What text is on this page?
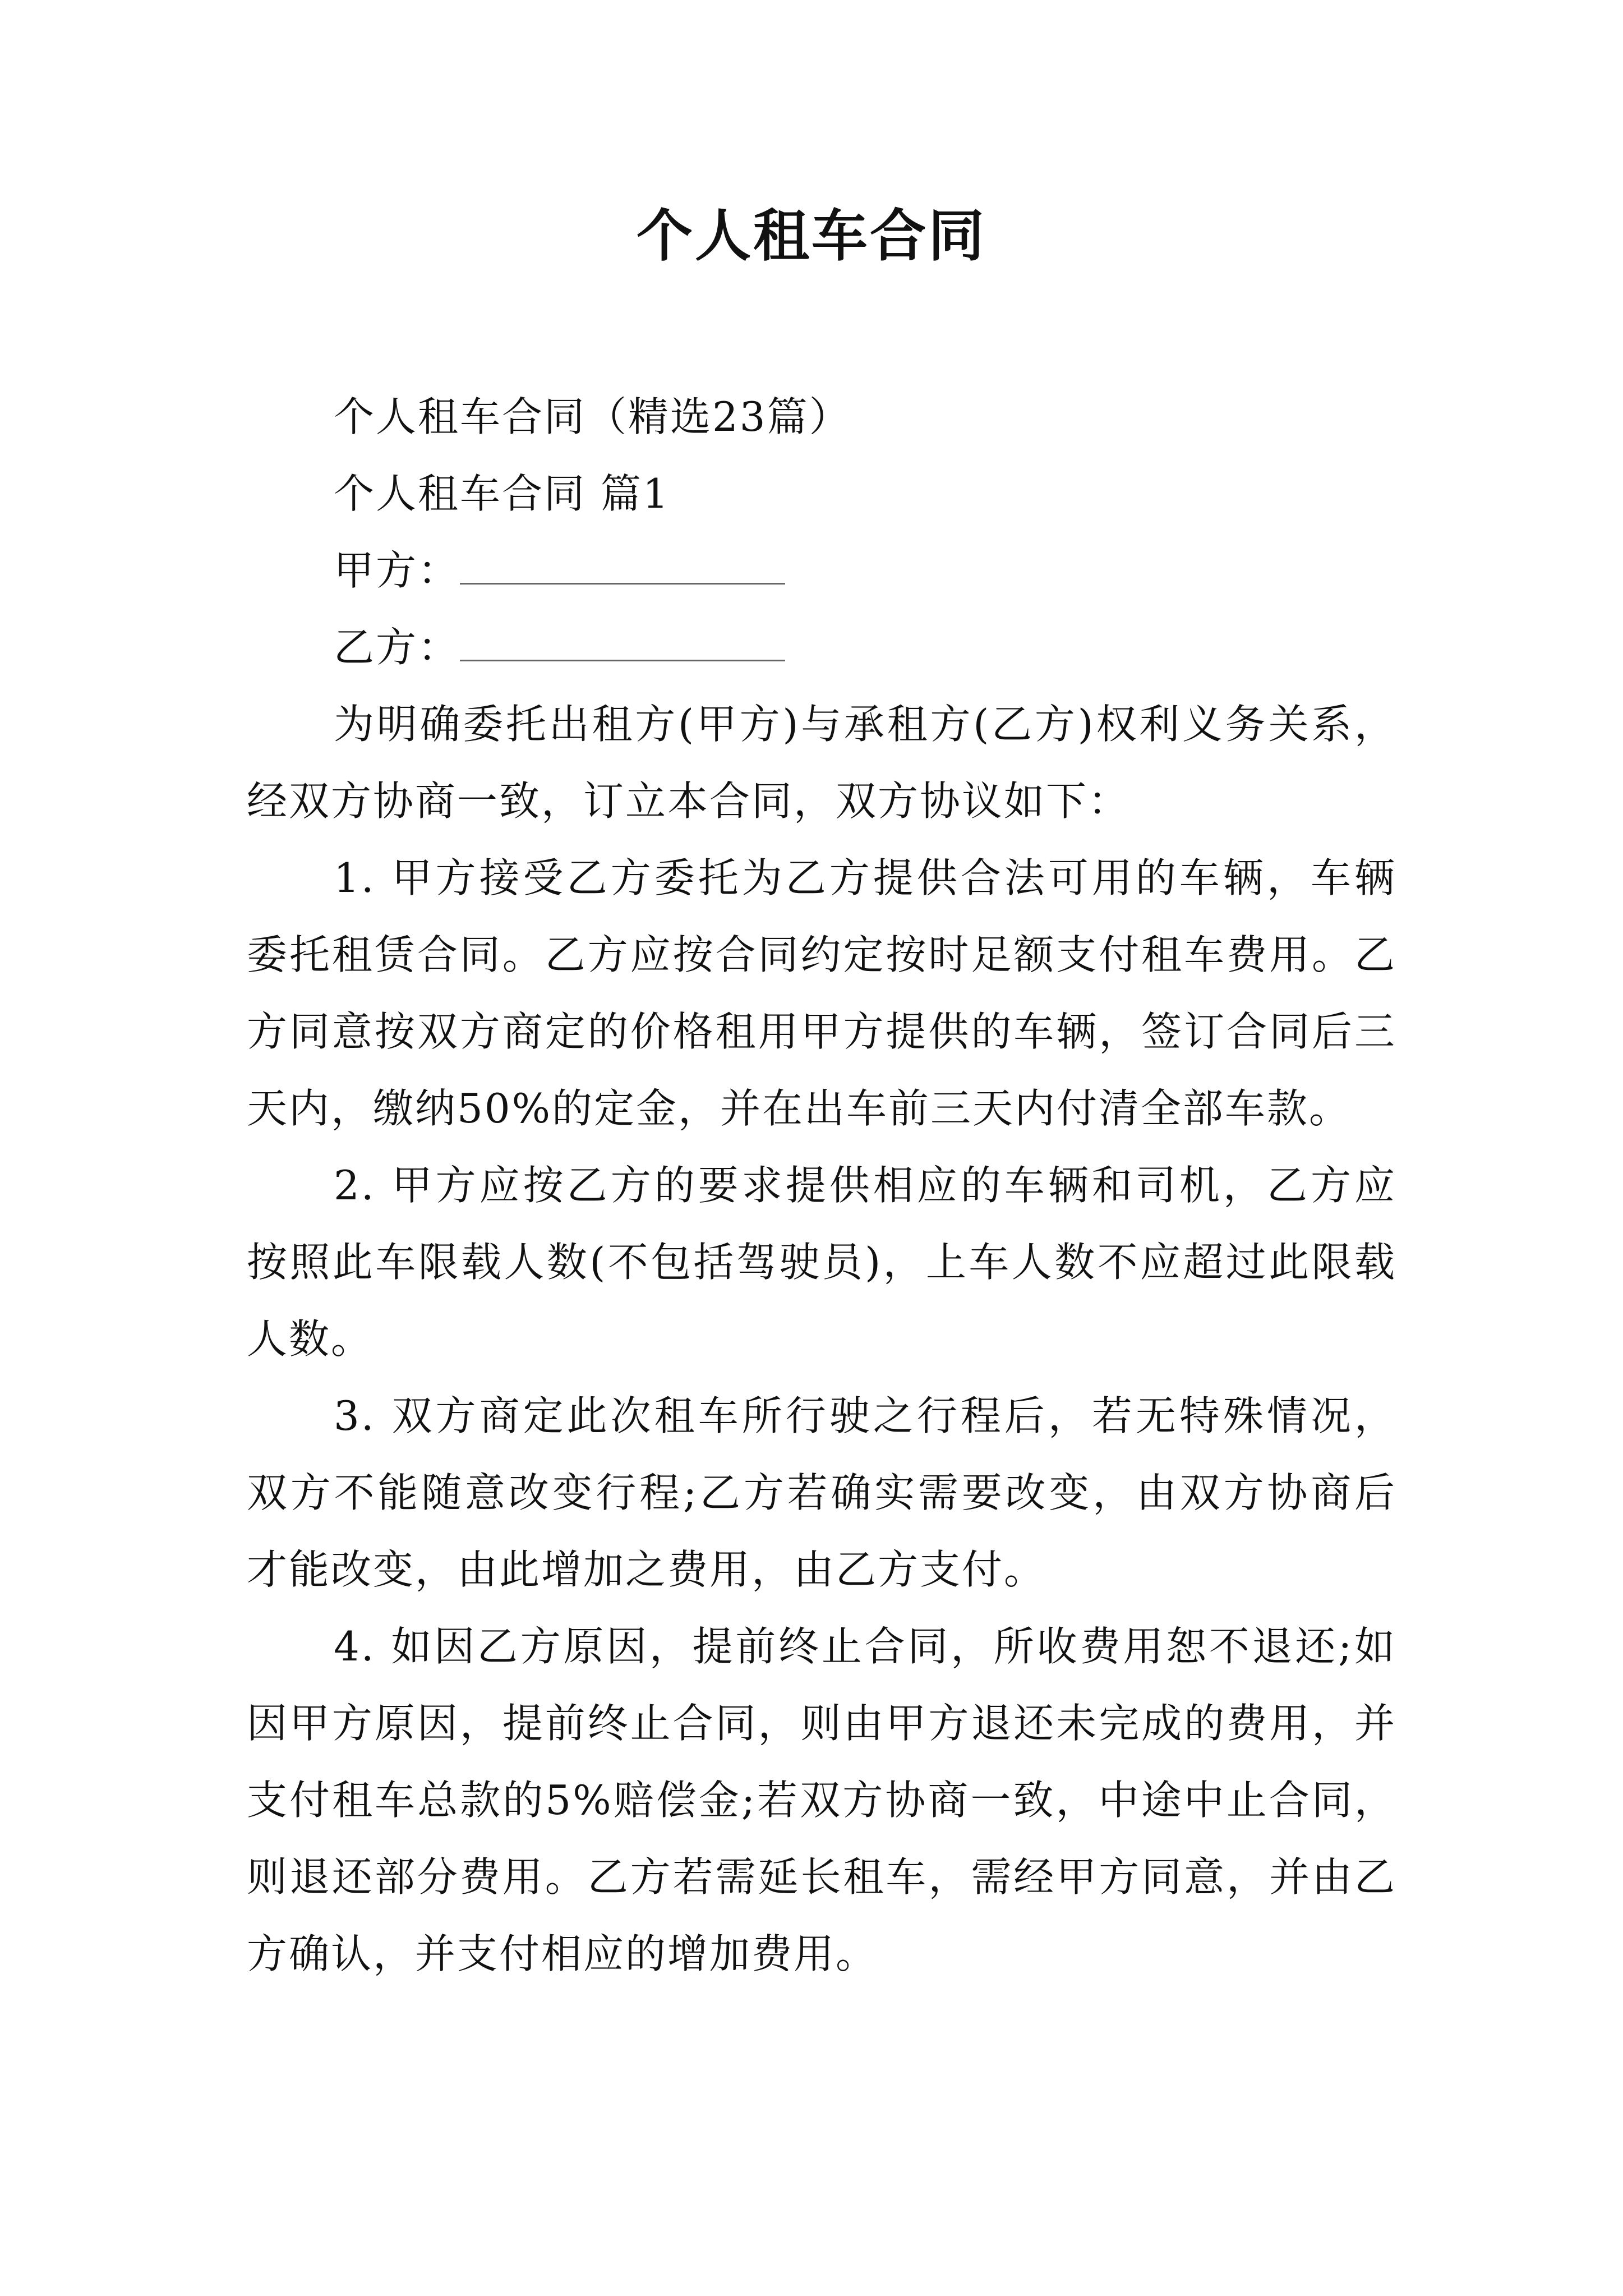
个人租车合同

个人租车合同（精选23篇）

个人租车合同 篇1

甲方：

乙方：

为明确委托出租方(甲方)与承租方(乙方)权利义务关系，经双方协商一致，订立本合同，双方协议如下：

1. 甲方接受乙方委托为乙方提供合法可用的车辆，车辆委托租赁合同。乙方应按合同约定按时足额支付租车费用。乙方同意按双方商定的价格租用甲方提供的车辆，签订合同后三天内，缴纳50%的定金，并在出车前三天内付清全部车款。

2. 甲方应按乙方的要求提供相应的车辆和司机，乙方应按照此车限载人数(不包括驾驶员)，上车人数不应超过此限载人数。

3. 双方商定此次租车所行驶之行程后，若无特殊情况，双方不能随意改变行程;乙方若确实需要改变，由双方协商后才能改变，由此增加之费用，由乙方支付。

4. 如因乙方原因，提前终止合同，所收费用恕不退还;如因甲方原因，提前终止合同，则由甲方退还未完成的费用，并支付租车总款的5%赔偿金;若双方协商一致，中途中止合同，则退还部分费用。乙方若需延长租车，需经甲方同意，并由乙方确认，并支付相应的增加费用。
